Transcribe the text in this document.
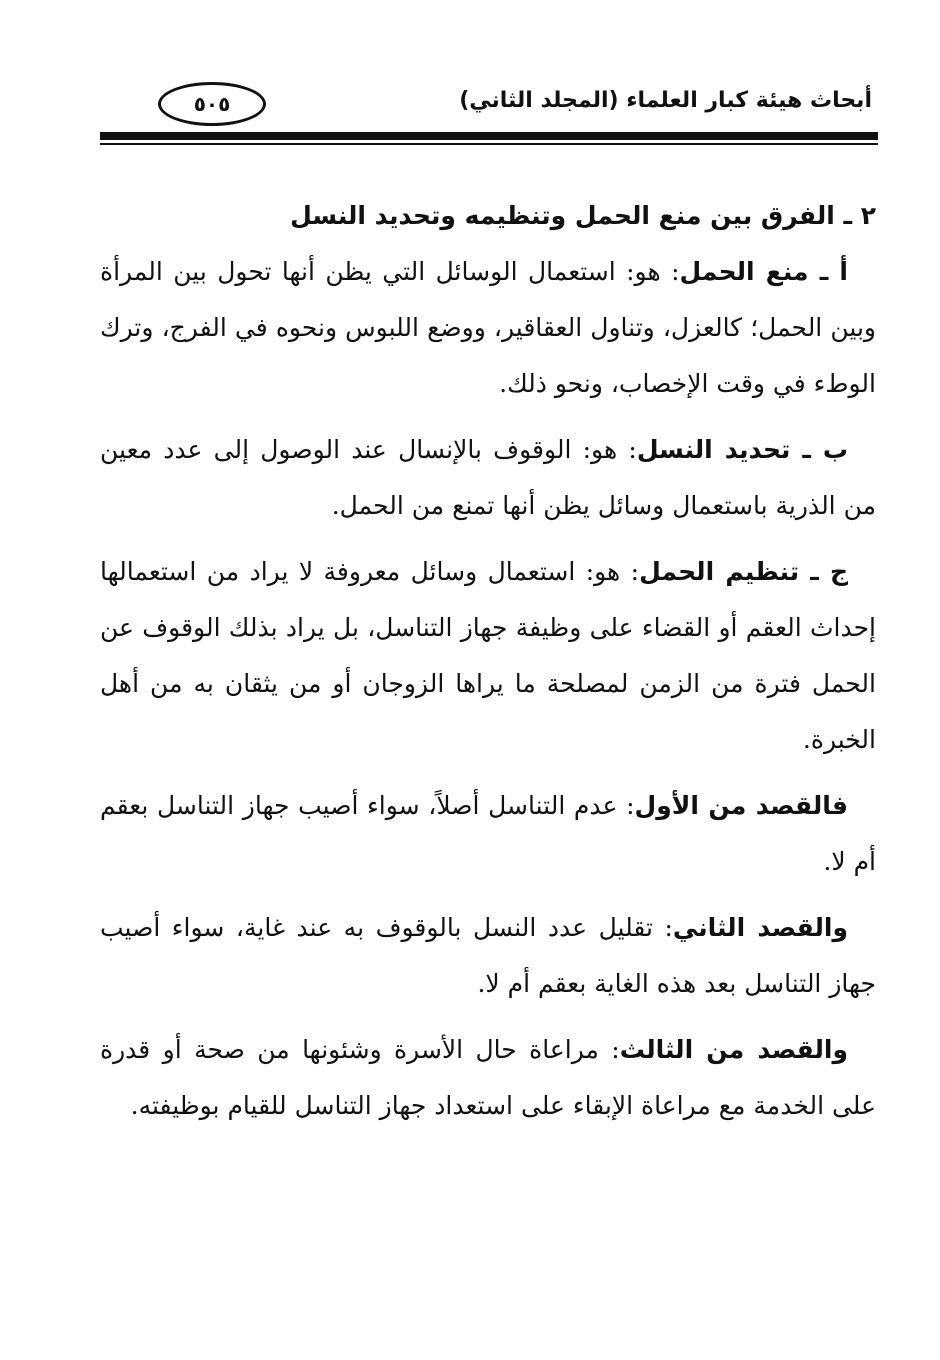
أبحاث هيئة كبار العلماء (المجلد الثاني)
٥٠٥
٢ ـ الفرق بين منع الحمل وتنظيمه وتحديد النسل

أ ـ منع الحمل: هو: استعمال الوسائل التي يظن أنها تحول بين المرأة وبين الحمل؛ كالعزل، وتناول العقاقير، ووضع اللبوس ونحوه في الفرج، وترك الوطء في وقت الإخصاب، ونحو ذلك.

ب ـ تحديد النسل: هو: الوقوف بالإنسال عند الوصول إلى عدد معين من الذرية باستعمال وسائل يظن أنها تمنع من الحمل.

ج ـ تنظيم الحمل: هو: استعمال وسائل معروفة لا يراد من استعمالها إحداث العقم أو القضاء على وظيفة جهاز التناسل، بل يراد بذلك الوقوف عن الحمل فترة من الزمن لمصلحة ما يراها الزوجان أو من يثقان به من أهل الخبرة.

فالقصد من الأول: عدم التناسل أصلاً، سواء أصيب جهاز التناسل بعقم أم لا.

والقصد الثاني: تقليل عدد النسل بالوقوف به عند غاية، سواء أصيب جهاز التناسل بعد هذه الغاية بعقم أم لا.

والقصد من الثالث: مراعاة حال الأسرة وشئونها من صحة أو قدرة على الخدمة مع مراعاة الإبقاء على استعداد جهاز التناسل للقيام بوظيفته.
